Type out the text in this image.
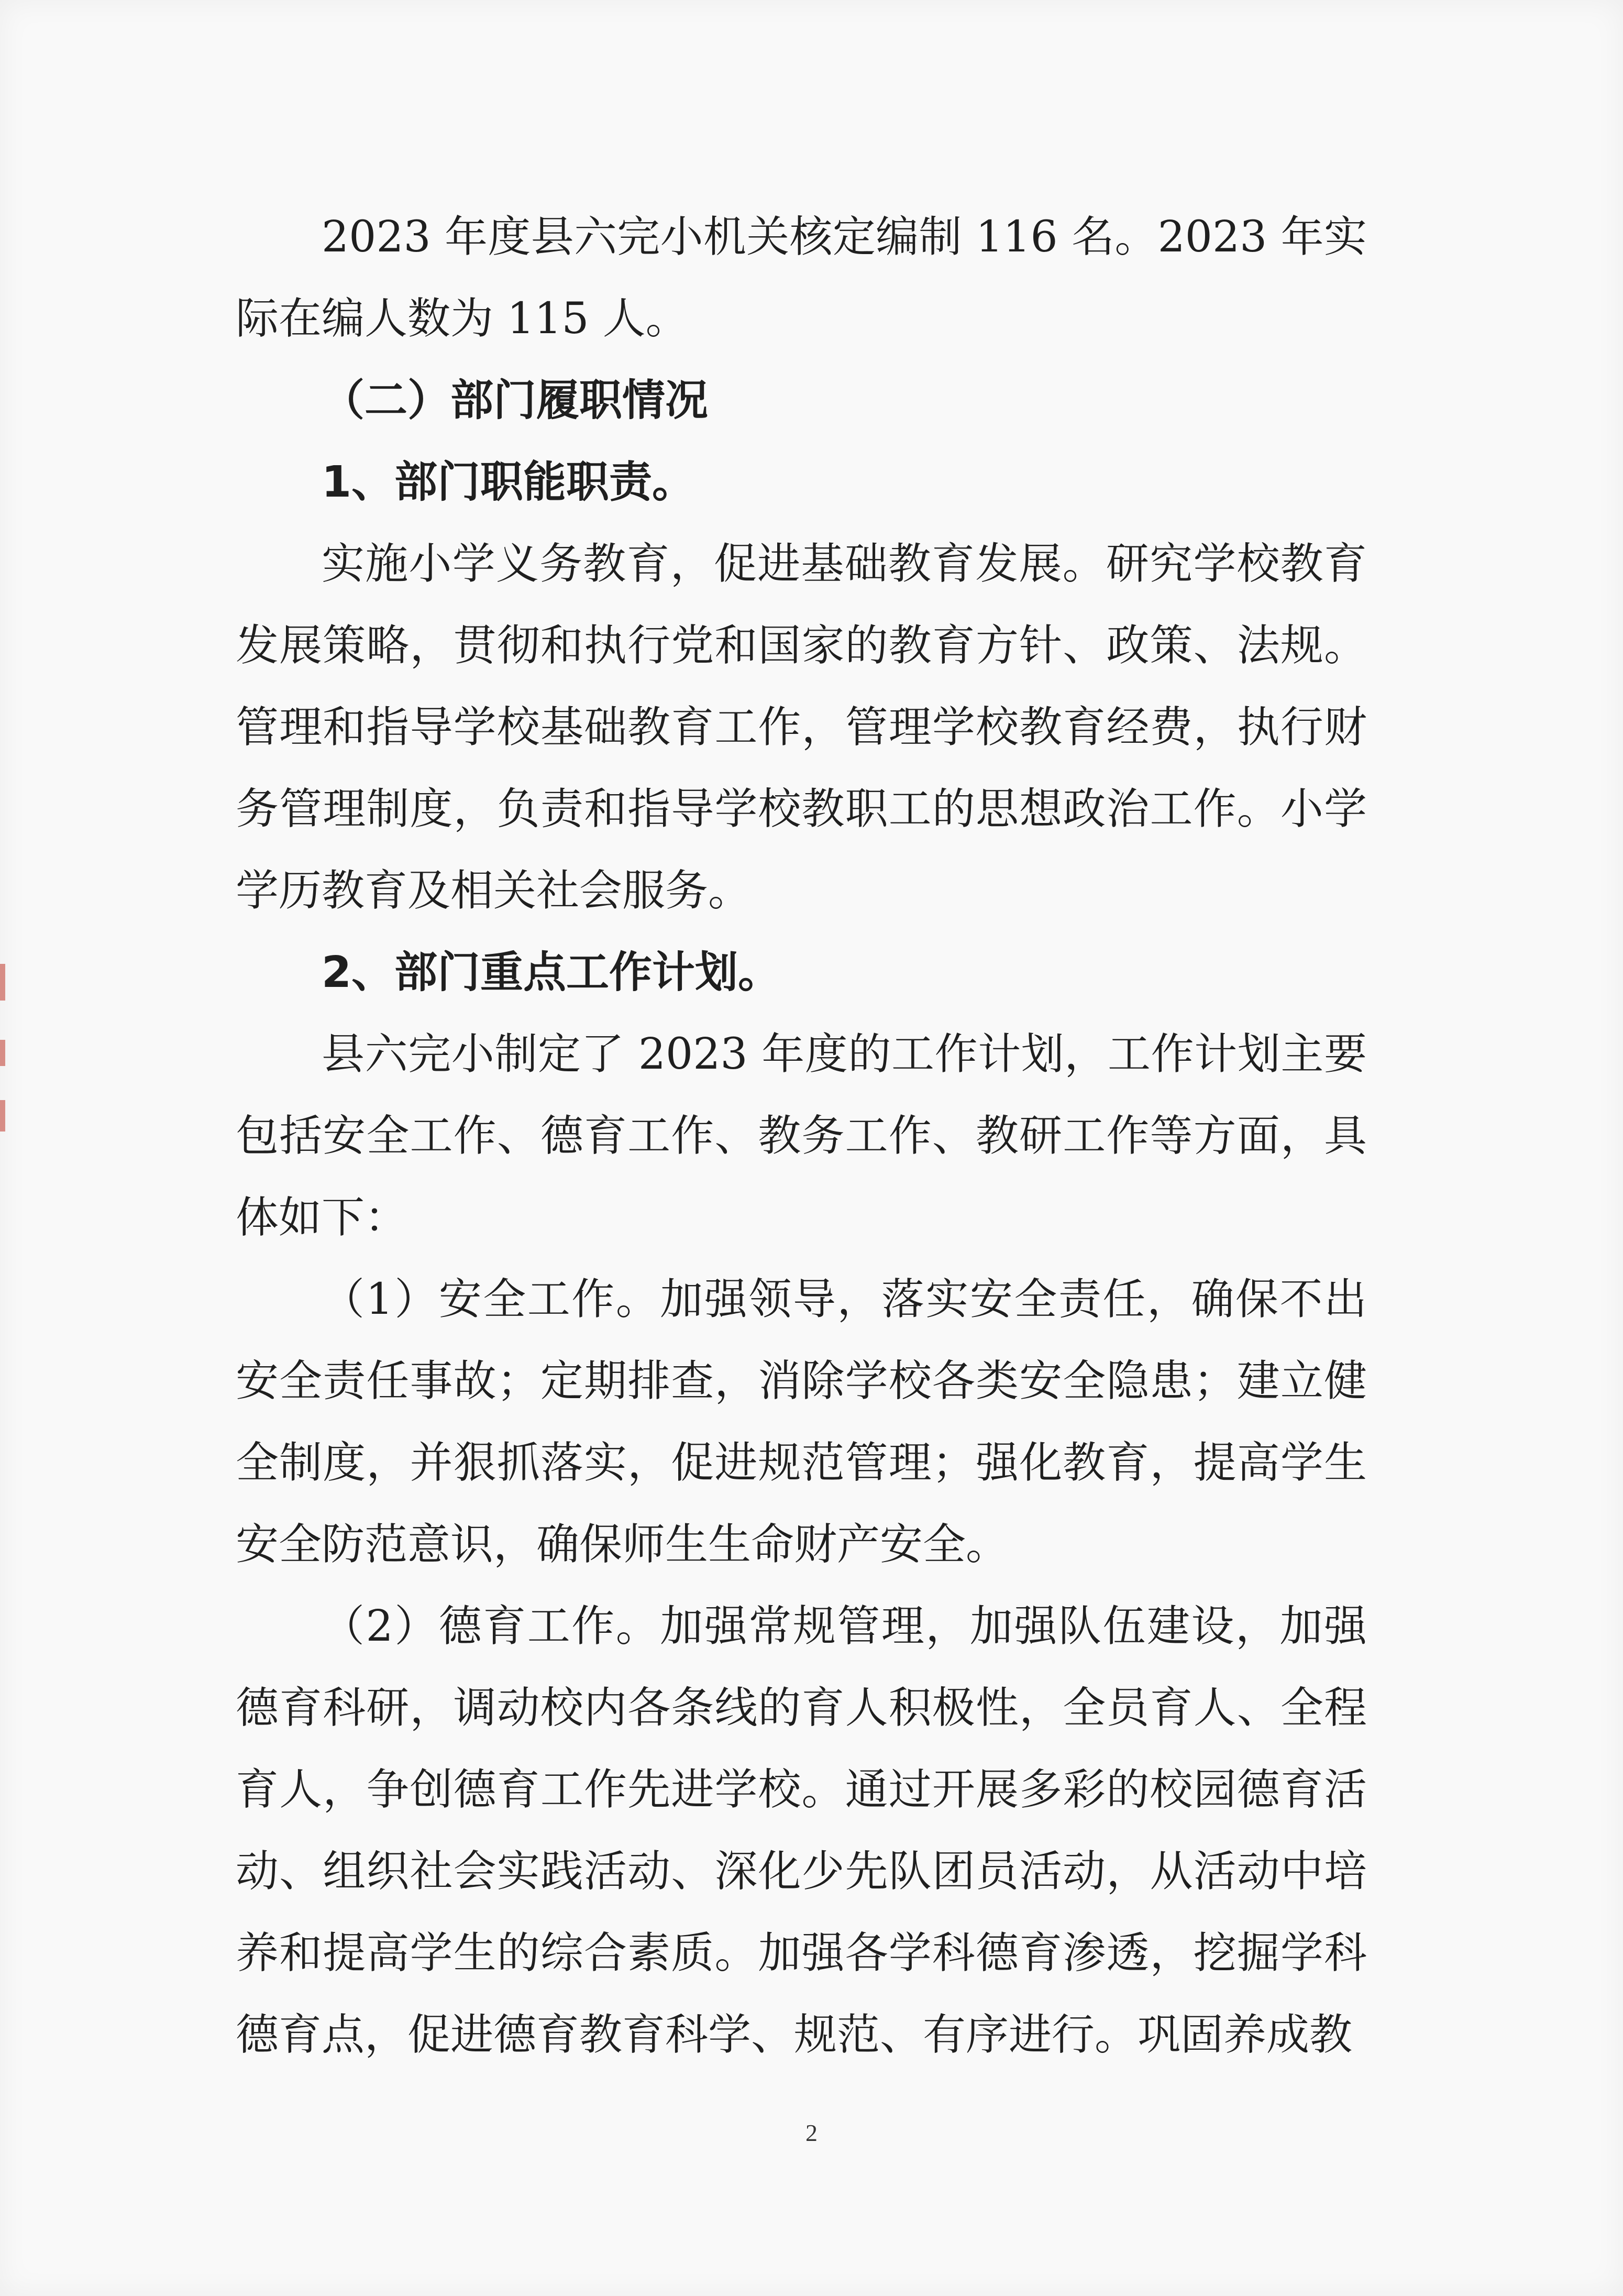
2023 年度县六完小机关核定编制 116 名。2023 年实际在编人数为 115 人。

（二）部门履职情况

1、部门职能职责。

实施小学义务教育，促进基础教育发展。研究学校教育发展策略，贯彻和执行党和国家的教育方针、政策、法规。管理和指导学校基础教育工作，管理学校教育经费，执行财务管理制度，负责和指导学校教职工的思想政治工作。小学学历教育及相关社会服务。

2、部门重点工作计划。

县六完小制定了 2023 年度的工作计划，工作计划主要包括安全工作、德育工作、教务工作、教研工作等方面，具体如下：

（1）安全工作。加强领导，落实安全责任，确保不出安全责任事故；定期排查，消除学校各类安全隐患；建立健全制度，并狠抓落实，促进规范管理；强化教育，提高学生安全防范意识，确保师生生命财产安全。

（2）德育工作。加强常规管理，加强队伍建设，加强德育科研，调动校内各条线的育人积极性，全员育人、全程育人，争创德育工作先进学校。通过开展多彩的校园德育活动、组织社会实践活动、深化少先队团员活动，从活动中培养和提高学生的综合素质。加强各学科德育渗透，挖掘学科德育点，促进德育教育科学、规范、有序进行。巩固养成教

2
